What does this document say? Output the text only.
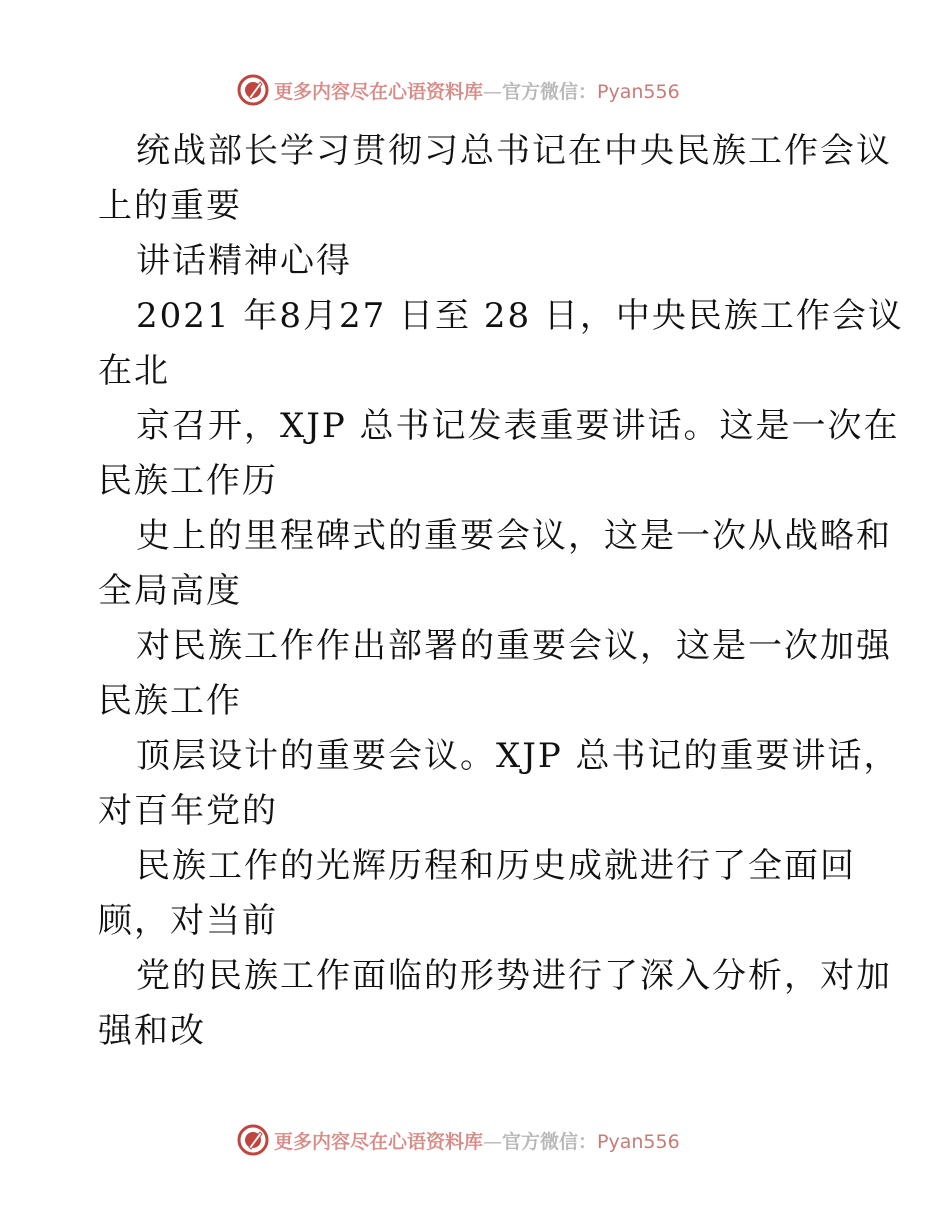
更多内容尽在心语资料库—官方微信：Pyan556
统战部长学习贯彻习总书记在中央民族工作会议
上的重要
讲话精神心得
2021 年8月27 日至 28 日，中央民族工作会议
在北
京召开，XJP 总书记发表重要讲话。这是一次在
民族工作历
史上的里程碑式的重要会议，这是一次从战略和
全局高度
对民族工作作出部署的重要会议，这是一次加强
民族工作
顶层设计的重要会议。XJP 总书记的重要讲话，
对百年党的
民族工作的光辉历程和历史成就进行了全面回
顾，对当前
党的民族工作面临的形势进行了深入分析，对加
强和改
更多内容尽在心语资料库—官方微信：Pyan556
